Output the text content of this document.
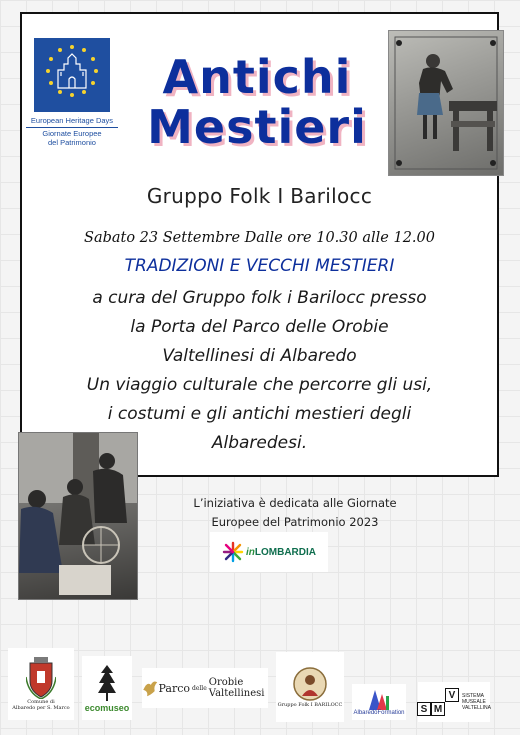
European Heritage Days
Giornate Europee
del Patrimonio
Antichi
Mestieri
Gruppo Folk I Barilocc
Sabato 23 Settembre Dalle ore 10.30 alle 12.00
TRADIZIONI E VECCHI MESTIERI
a cura del Gruppo folk i Barilocc presso
la Porta del Parco delle Orobie
Valtellinesi di Albaredo
Un viaggio culturale che percorre gli usi,
i costumi e gli antichi mestieri degli
Albaredesi.
L’iniziativa è dedicata alle Giornate
Europee del Patrimonio 2023
in LOMBARDIA
Comune di
Albaredo per S. Marco ecomuseo
Parco delle Orobie Valtellinesi
Gruppo Folk I BARILOCC
AlbaredoFormation	S M
V	SISTEMA
MUSEALE
VALTELLINA
